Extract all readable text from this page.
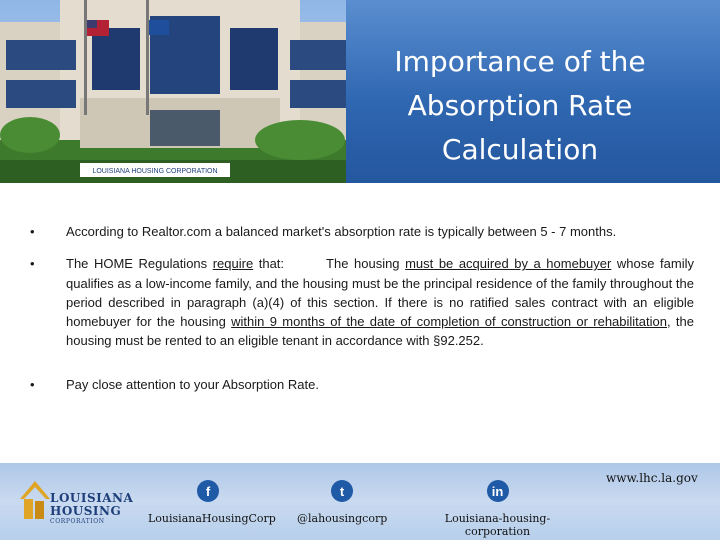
LOUISIANA HOUSING CORPORATION
Importance of the
Absorption Rate
Calculation
• According to Realtor.com a balanced market's absorption rate is typically between 5 - 7 months.
• The HOME Regulations require that:	The housing must be acquired by a homebuyer whose family qualifies as a low-income family, and the housing must be the principal residence of the family throughout the period described in paragraph (a)(4) of this section. If there is no ratified sales contract with an eligible homebuyer for the housing within 9 months of the date of completion of construction or rehabilitation, the housing must be rented to an eligible tenant in accordance with §92.252.
• Pay close attention to your Absorption Rate.
LOUISIANA
HOUSING
CORPORATION
f
LouisianaHousingCorp
t
@lahousingcorp
in
Louisiana-housing-corporation
www.lhc.la.gov
